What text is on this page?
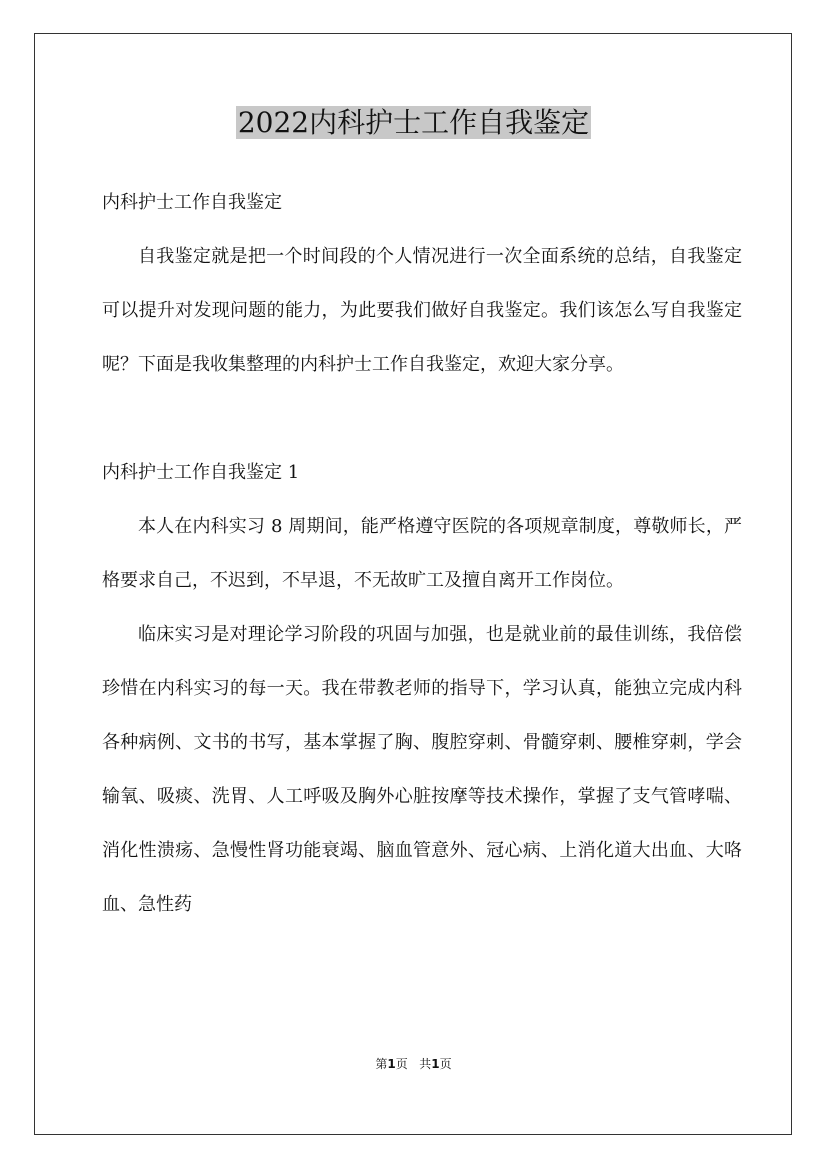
2022内科护士工作自我鉴定

内科护士工作自我鉴定

自我鉴定就是把一个时间段的个人情况进行一次全面系统的总结，自我鉴定可以提升对发现问题的能力，为此要我们做好自我鉴定。我们该怎么写自我鉴定呢？下面是我收集整理的内科护士工作自我鉴定，欢迎大家分享。

内科护士工作自我鉴定 1

本人在内科实习 8 周期间，能严格遵守医院的各项规章制度，尊敬师长，严格要求自己，不迟到，不早退，不无故旷工及擅自离开工作岗位。

临床实习是对理论学习阶段的巩固与加强，也是就业前的最佳训练，我倍偿珍惜在内科实习的每一天。我在带教老师的指导下，学习认真，能独立完成内科各种病例、文书的书写，基本掌握了胸、腹腔穿刺、骨髓穿刺、腰椎穿刺，学会输氧、吸痰、洗胃、人工呼吸及胸外心脏按摩等技术操作，掌握了支气管哮喘、消化性溃疡、急慢性肾功能衰竭、脑血管意外、冠心病、上消化道大出血、大咯血、急性药

第1页   共1页
